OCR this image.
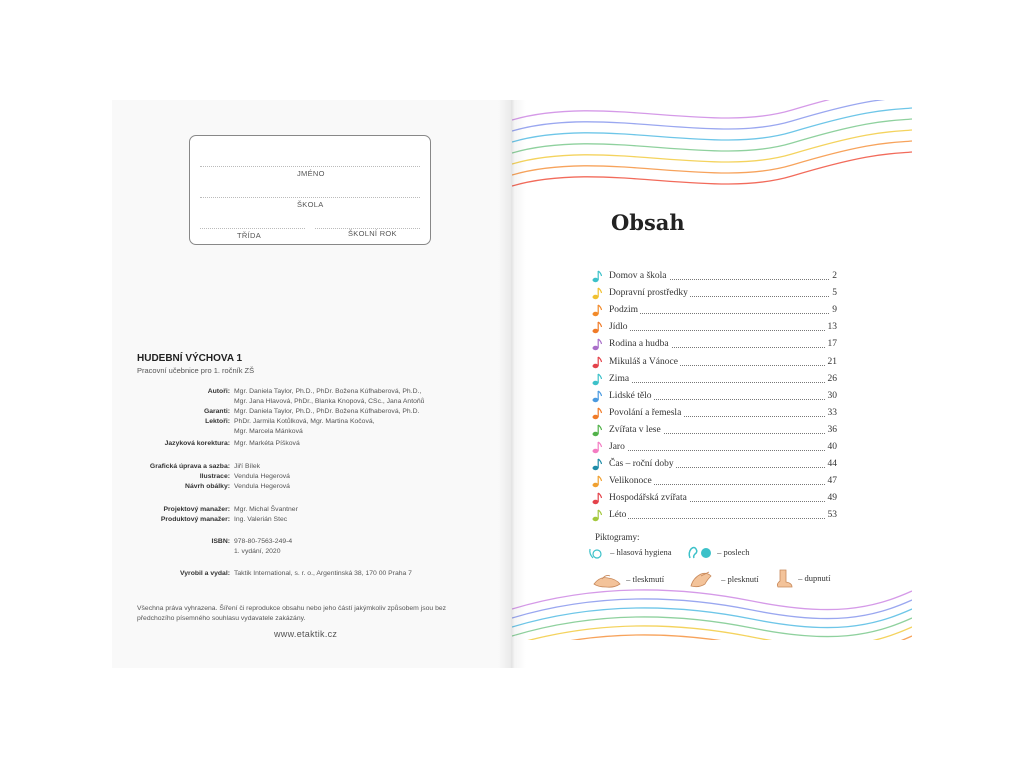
JMÉNO
ŠKOLA
TŘÍDA	ŠKOLNÍ ROK
HUDEBNÍ VÝCHOVA 1
Pracovní učebnice pro 1. ročník ZŠ
Autoři: Mgr. Daniela Taylor, Ph.D., PhDr. Božena Kúfhaberová, Ph.D.,
Mgr. Jana Hlavová, PhDr., Blanka Knopová, CSc., Jana Antoňů
Garanti: Mgr. Daniela Taylor, Ph.D., PhDr. Božena Kúfhaberová, Ph.D.
Lektoři: PhDr. Jarmila Kotůlková, Mgr. Martina Kočová,
Mgr. Marcela Mánková
Jazyková korektura: Mgr. Markéta Píšková
Grafická úprava a sazba: Jiří Bílek
Ilustrace: Vendula Hegerová
Návrh obálky: Vendula Hegerová
Projektový manažer: Mgr. Michal Švantner
Produktový manažer: Ing. Valerián Stec
ISBN: 978-80-7563-249-4
1. vydání, 2020
Vyrobil a vydal: Taktik International, s. r. o., Argentinská 38, 170 00 Praha 7
Všechna práva vyhrazena. Šíření či reprodukce obsahu nebo jeho částí jakýmkoliv způsobem jsou bez předchozího písemného souhlasu vydavatele zakázány.
www.etaktik.cz
Obsah
Domov a škola	2
Dopravní prostředky	5
Podzim	9
Jídlo	13
Rodina a hudba	17
Mikuláš a Vánoce	21
Zima	26
Lidské tělo	30
Povolání a řemesla	33
Zvířata v lese	36
Jaro	40
Čas – roční doby	44
Velikonoce	47
Hospodářská zvířata	49
Léto	53
Piktogramy:
– hlasová hygiena	– poslech
– tleskmutí	– plesknutí	– dupnutí
